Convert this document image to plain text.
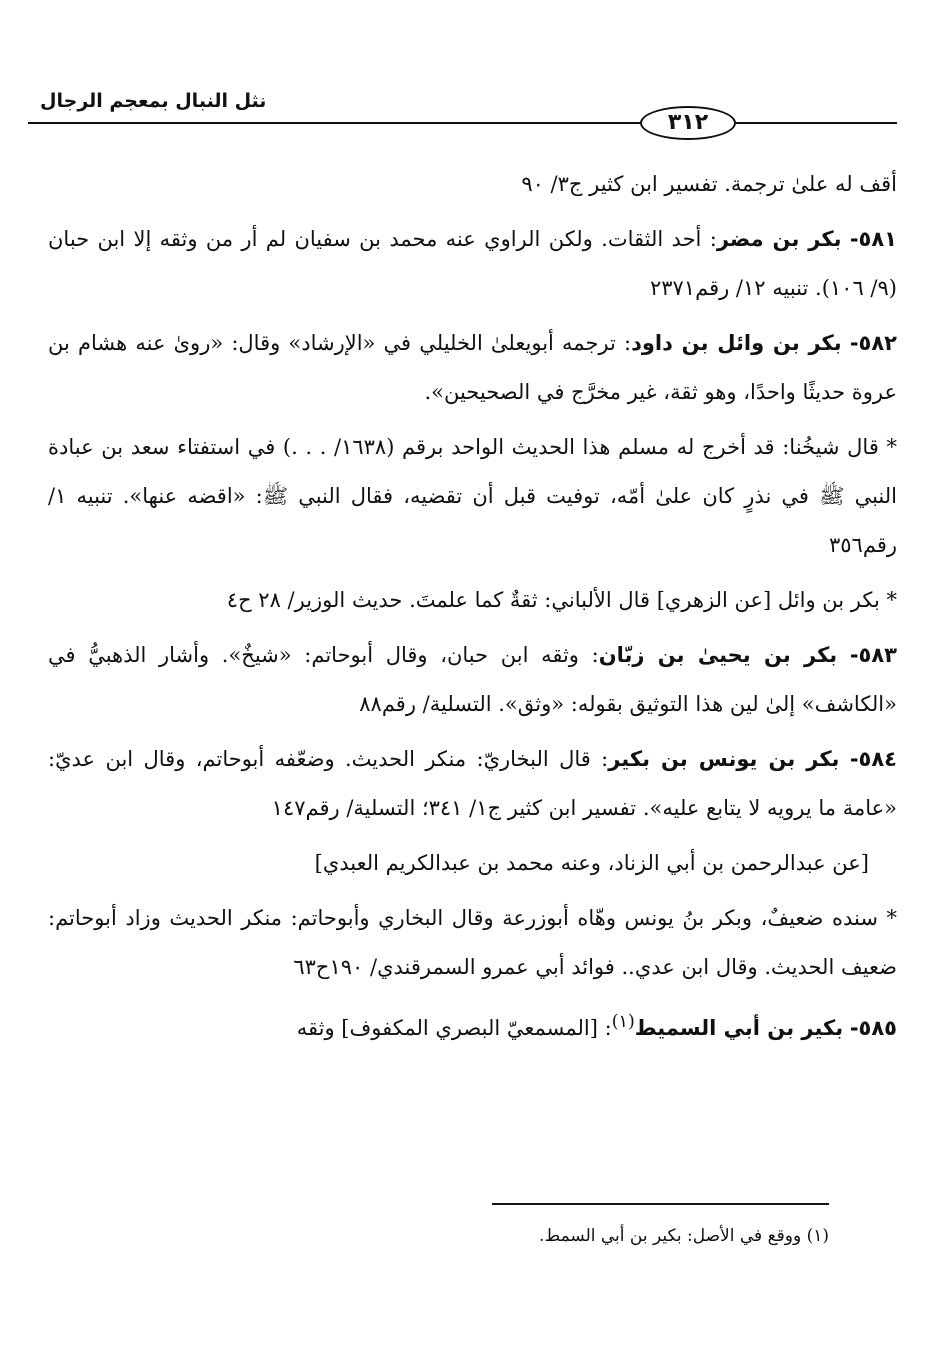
نثل النبال بمعجم الرجال
٣١٢

أقف له علىٰ ترجمة. تفسير ابن كثير ج٣/ ٩٠

٥٨١- بكر بن مضر: أحد الثقات. ولكن الراوي عنه محمد بن سفيان لم أر من وثقه إلا ابن حبان (٩/ ١٠٦). تنبيه ١٢/ رقم٢٣٧١

٥٨٢- بكر بن وائل بن داود: ترجمه أبويعلىٰ الخليلي في «الإرشاد» وقال: «رویٰ عنه هشام بن عروة حديثًا واحدًا، وهو ثقة، غير مخرَّج في الصحيحين».

* قال شيخُنا: قد أخرج له مسلم هذا الحديث الواحد برقم (١٦٣٨/ . . .) في استفتاء سعد بن عبادة النبي ﷺ في نذرٍ كان علىٰ أمّه، توفيت قبل أن تقضيه، فقال النبي ﷺ: «اقضه عنها». تنبيه ١/ رقم٣٥٦

* بكر بن وائل [عن الزهري] قال الألباني: ثقةٌ كما علمتَ. حديث الوزير/ ٢٨ ح٤

٥٨٣- بكر بن يحيىٰ بن زبّان: وثقه ابن حبان، وقال أبوحاتم: «شيخٌ». وأشار الذهبيُّ في «الكاشف» إلىٰ لين هذا التوثيق بقوله: «وثق». التسلية/ رقم٨٨

٥٨٤- بكر بن يونس بن بكير: قال البخاريّ: منكر الحديث. وضعّفه أبوحاتم، وقال ابن عديّ: «عامة ما يرويه لا يتابع عليه». تفسير ابن كثير ج١/ ٣٤١؛ التسلية/ رقم١٤٧

[عن عبدالرحمن بن أبي الزناد، وعنه محمد بن عبدالكريم العبدي]

* سنده ضعيفٌ، وبكر بنُ يونس وهّاه أبوزرعة وقال البخاري وأبوحاتم: منكر الحديث وزاد أبوحاتم: ضعيف الحديث. وقال ابن عدي.. فوائد أبي عمرو السمرقندي/ ١٩٠ح٦٣

٥٨٥- بكير بن أبي السميط$^{(١)}$: [المسمعيّ البصري المكفوف] وثقه

(١) ووقع في الأصل: بكير بن أبي السمط.
